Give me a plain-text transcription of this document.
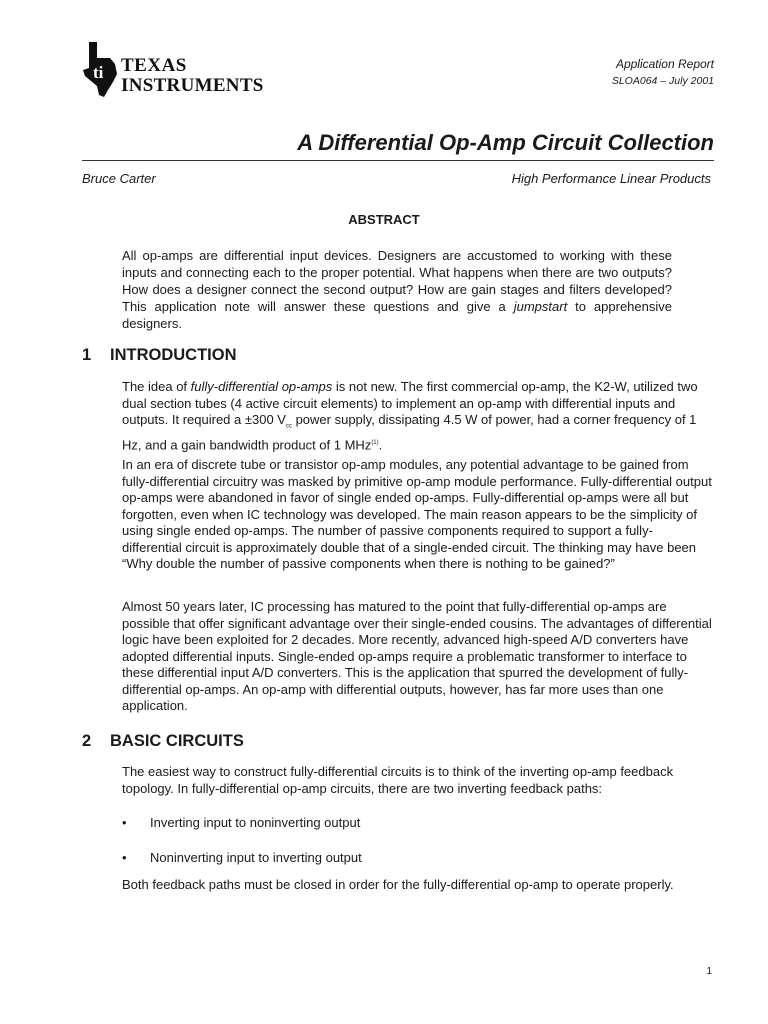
ti TEXAS
INSTRUMENTS
Application Report
SLOA064 – July 2001
A Differential Op-Amp Circuit Collection
Bruce Carter	High Performance Linear Products
ABSTRACT
All op-amps are differential input devices. Designers are accustomed to working with these inputs and connecting each to the proper potential. What happens when there are two outputs? How does a designer connect the second output? How are gain stages and filters developed? This application note will answer these questions and give a jumpstart to apprehensive designers.
1 INTRODUCTION
The idea of fully-differential op-amps is not new. The first commercial op-amp, the K2-W, utilized two dual section tubes (4 active circuit elements) to implement an op-amp with differential inputs and outputs. It required a ±300 $V_{cc}$ power supply, dissipating 4.5 W of power, had a corner frequency of 1 Hz, and a gain bandwidth product of 1 MHz$^{(1)}$.
In an era of discrete tube or transistor op-amp modules, any potential advantage to be gained from fully-differential circuitry was masked by primitive op-amp module performance. Fully-differential output op-amps were abandoned in favor of single ended op-amps. Fully-differential op-amps were all but forgotten, even when IC technology was developed. The main reason appears to be the simplicity of using single ended op-amps. The number of passive components required to support a fully-differential circuit is approximately double that of a single-ended circuit. The thinking may have been “Why double the number of passive components when there is nothing to be gained?”
Almost 50 years later, IC processing has matured to the point that fully-differential op-amps are possible that offer significant advantage over their single-ended cousins. The advantages of differential logic have been exploited for 2 decades. More recently, advanced high-speed A/D converters have adopted differential inputs. Single-ended op-amps require a problematic transformer to interface to these differential input A/D converters. This is the application that spurred the development of fully-differential op-amps. An op-amp with differential outputs, however, has far more uses than one application.
2 BASIC CIRCUITS
The easiest way to construct fully-differential circuits is to think of the inverting op-amp feedback topology. In fully-differential op-amp circuits, there are two inverting feedback paths:
• Inverting input to noninverting output
• Noninverting input to inverting output
Both feedback paths must be closed in order for the fully-differential op-amp to operate properly.
1
